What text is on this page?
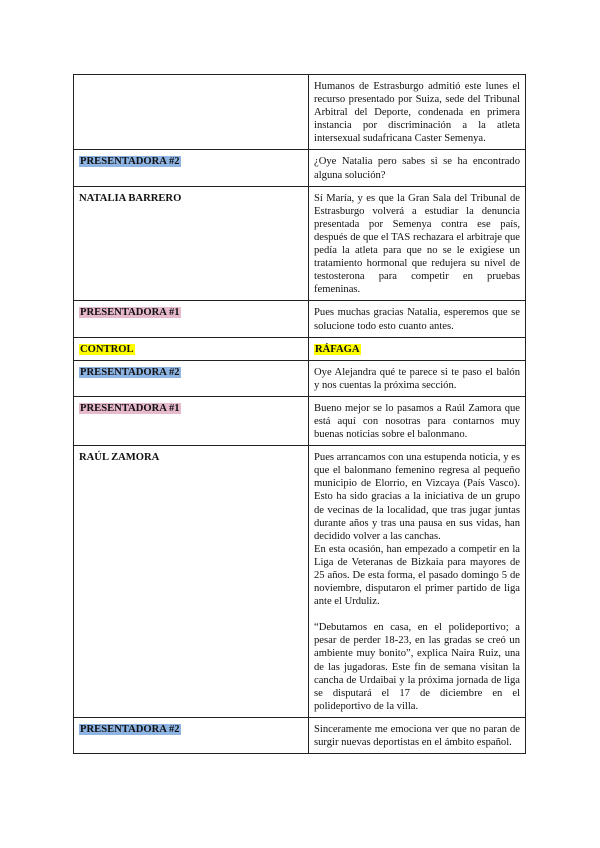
	Humanos de Estrasburgo admitió este lunes el recurso presentado por Suiza, sede del Tribunal Arbitral del Deporte, condenada en primera instancia por discriminación a la atleta intersexual sudafricana Caster Semenya.

PRESENTADORA #2	¿Oye Natalia pero sabes si se ha encontrado alguna solución?

NATALIA BARRERO	Sí María, y es que la Gran Sala del Tribunal de Estrasburgo volverá a estudiar la denuncia presentada por Semenya contra ese país, después de que el TAS rechazara el arbitraje que pedía la atleta para que no se le exigiese un tratamiento hormonal que redujera su nivel de testosterona para competir en pruebas femeninas.

PRESENTADORA #1	Pues muchas gracias Natalia, esperemos que se solucione todo esto cuanto antes.

CONTROL	RÁFAGA

PRESENTADORA #2	Oye Alejandra qué te parece si te paso el balón y nos cuentas la próxima sección.

PRESENTADORA #1	Bueno mejor se lo pasamos a Raúl Zamora que está aquí con nosotras para contarnos muy buenas noticias sobre el balonmano.

RAÚL ZAMORA	Pues arrancamos con una estupenda noticia, y es que el balonmano femenino regresa al pequeño municipio de Elorrio, en Vizcaya (País Vasco). Esto ha sido gracias a la iniciativa de un grupo de vecinas de la localidad, que tras jugar juntas durante años y tras una pausa en sus vidas, han decidido volver a las canchas.

En esta ocasión, han empezado a competir en la Liga de Veteranas de Bizkaia para mayores de 25 años. De esta forma, el pasado domingo 5 de noviembre, disputaron el primer partido de liga ante el Urduliz.

“Debutamos en casa, en el polideportivo; a pesar de perder 18-23, en las gradas se creó un ambiente muy bonito”, explica Naira Ruiz, una de las jugadoras. Este fin de semana visitan la cancha de Urdaibai y la próxima jornada de liga se disputará el 17 de diciembre en el polideportivo de la villa.

PRESENTADORA #2	Sinceramente me emociona ver que no paran de surgir nuevas deportistas en el ámbito español.
